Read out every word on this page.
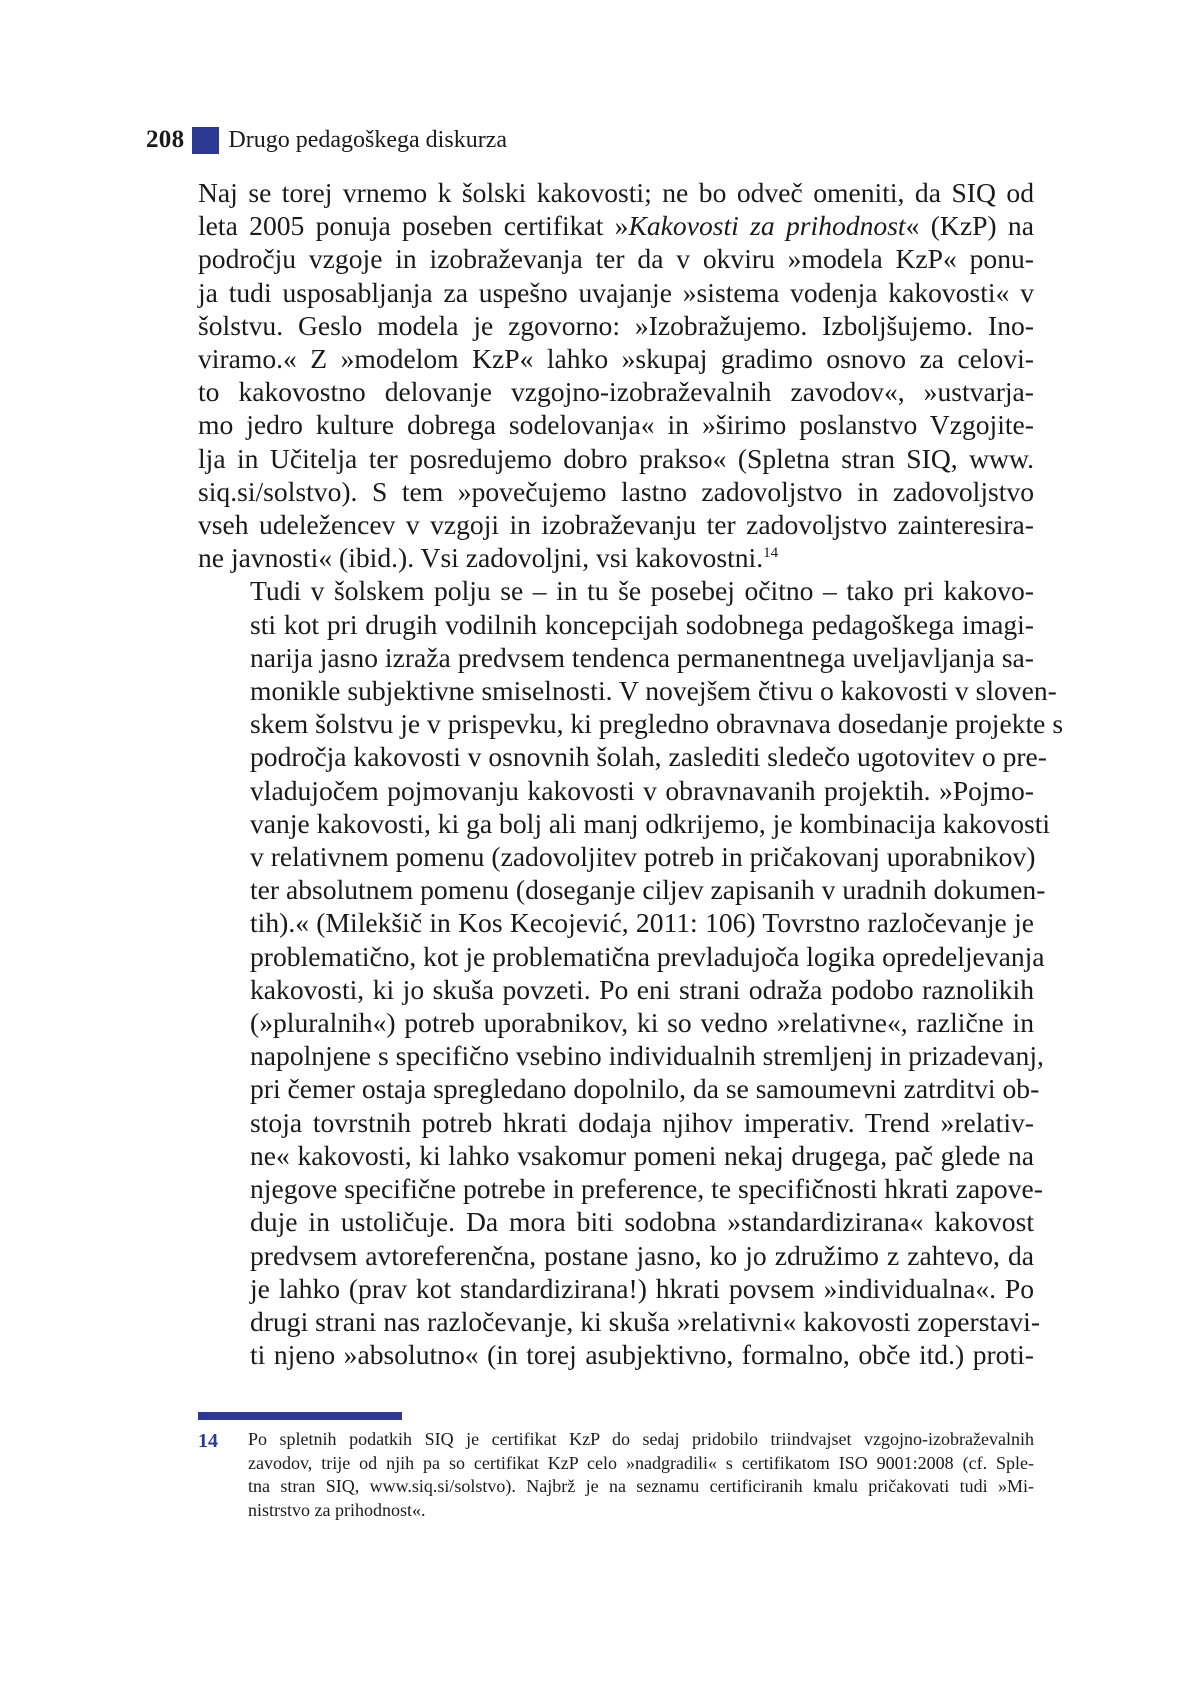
208 Drugo pedagoškega diskurza

Naj se torej vrnemo k šolski kakovosti; ne bo odveč omeniti, da SIQ od
leta 2005 ponuja poseben certifikat »Kakovosti za prihodnost« (KzP) na
področju vzgoje in izobraževanja ter da v okviru »modela KzP« ponu-
ja tudi usposabljanja za uspešno uvajanje »sistema vodenja kakovosti« v
šolstvu. Geslo modela je zgovorno: »Izobražujemo. Izboljšujemo. Ino-
viramo.« Z »modelom KzP« lahko »skupaj gradimo osnovo za celovi-
to kakovostno delovanje vzgojno-izobraževalnih zavodov«, »ustvarja-
mo jedro kulture dobrega sodelovanja« in »širimo poslanstvo Vzgojite-
lja in Učitelja ter posredujemo dobro prakso« (Spletna stran SIQ, www.
siq.si/solstvo). S tem »povečujemo lastno zadovoljstvo in zadovoljstvo
vseh udeležencev v vzgoji in izobraževanju ter zadovoljstvo zainteresira-
ne javnosti« (ibid.). Vsi zadovoljni, vsi kakovostni.$^{14}$

Tudi v šolskem polju se – in tu še posebej očitno – tako pri kakovo-
sti kot pri drugih vodilnih koncepcijah sodobnega pedagoškega imagi-
narija jasno izraža predvsem tendenca permanentnega uveljavljanja sa-
monikle subjektivne smiselnosti. V novejšem čtivu o kakovosti v sloven-
skem šolstvu je v prispevku, ki pregledno obravnava dosedanje projekte s
področja kakovosti v osnovnih šolah, zaslediti sledečo ugotovitev o pre-
vladujočem pojmovanju kakovosti v obravnavanih projektih. »Pojmo-
vanje kakovosti, ki ga bolj ali manj odkrijemo, je kombinacija kakovosti
v relativnem pomenu (zadovoljitev potreb in pričakovanj uporabnikov)
ter absolutnem pomenu (doseganje ciljev zapisanih v uradnih dokumen-
tih).« (Milekšič in Kos Kecojević, 2011: 106) Tovrstno razločevanje je
problematično, kot je problematična prevladujoča logika opredeljevanja
kakovosti, ki jo skuša povzeti. Po eni strani odraža podobo raznolikih
(»pluralnih«) potreb uporabnikov, ki so vedno »relativne«, različne in
napolnjene s specifično vsebino individualnih stremljenj in prizadevanj,
pri čemer ostaja spregledano dopolnilo, da se samoumevni zatrditvi ob-
stoja tovrstnih potreb hkrati dodaja njihov imperativ. Trend »relativ-
ne« kakovosti, ki lahko vsakomur pomeni nekaj drugega, pač glede na
njegove specifične potrebe in preference, te specifičnosti hkrati zapove-
duje in ustoličuje. Da mora biti sodobna »standardizirana« kakovost
predvsem avtoreferenčna, postane jasno, ko jo združimo z zahtevo, da
je lahko (prav kot standardizirana!) hkrati povsem »individualna«. Po
drugi strani nas razločevanje, ki skuša »relativni« kakovosti zoperstavi-
ti njeno »absolutno« (in torej asubjektivno, formalno, obče itd.) proti-

14 Po spletnih podatkih SIQ je certifikat KzP do sedaj pridobilo triindvajset vzgojno-izobraževalnih
zavodov, trije od njih pa so certifikat KzP celo »nadgradili« s certifikatom ISO 9001:2008 (cf. Sple-
tna stran SIQ, www.siq.si/solstvo). Najbrž je na seznamu certificiranih kmalu pričakovati tudi »Mi-
nistrstvo za prihodnost«.
